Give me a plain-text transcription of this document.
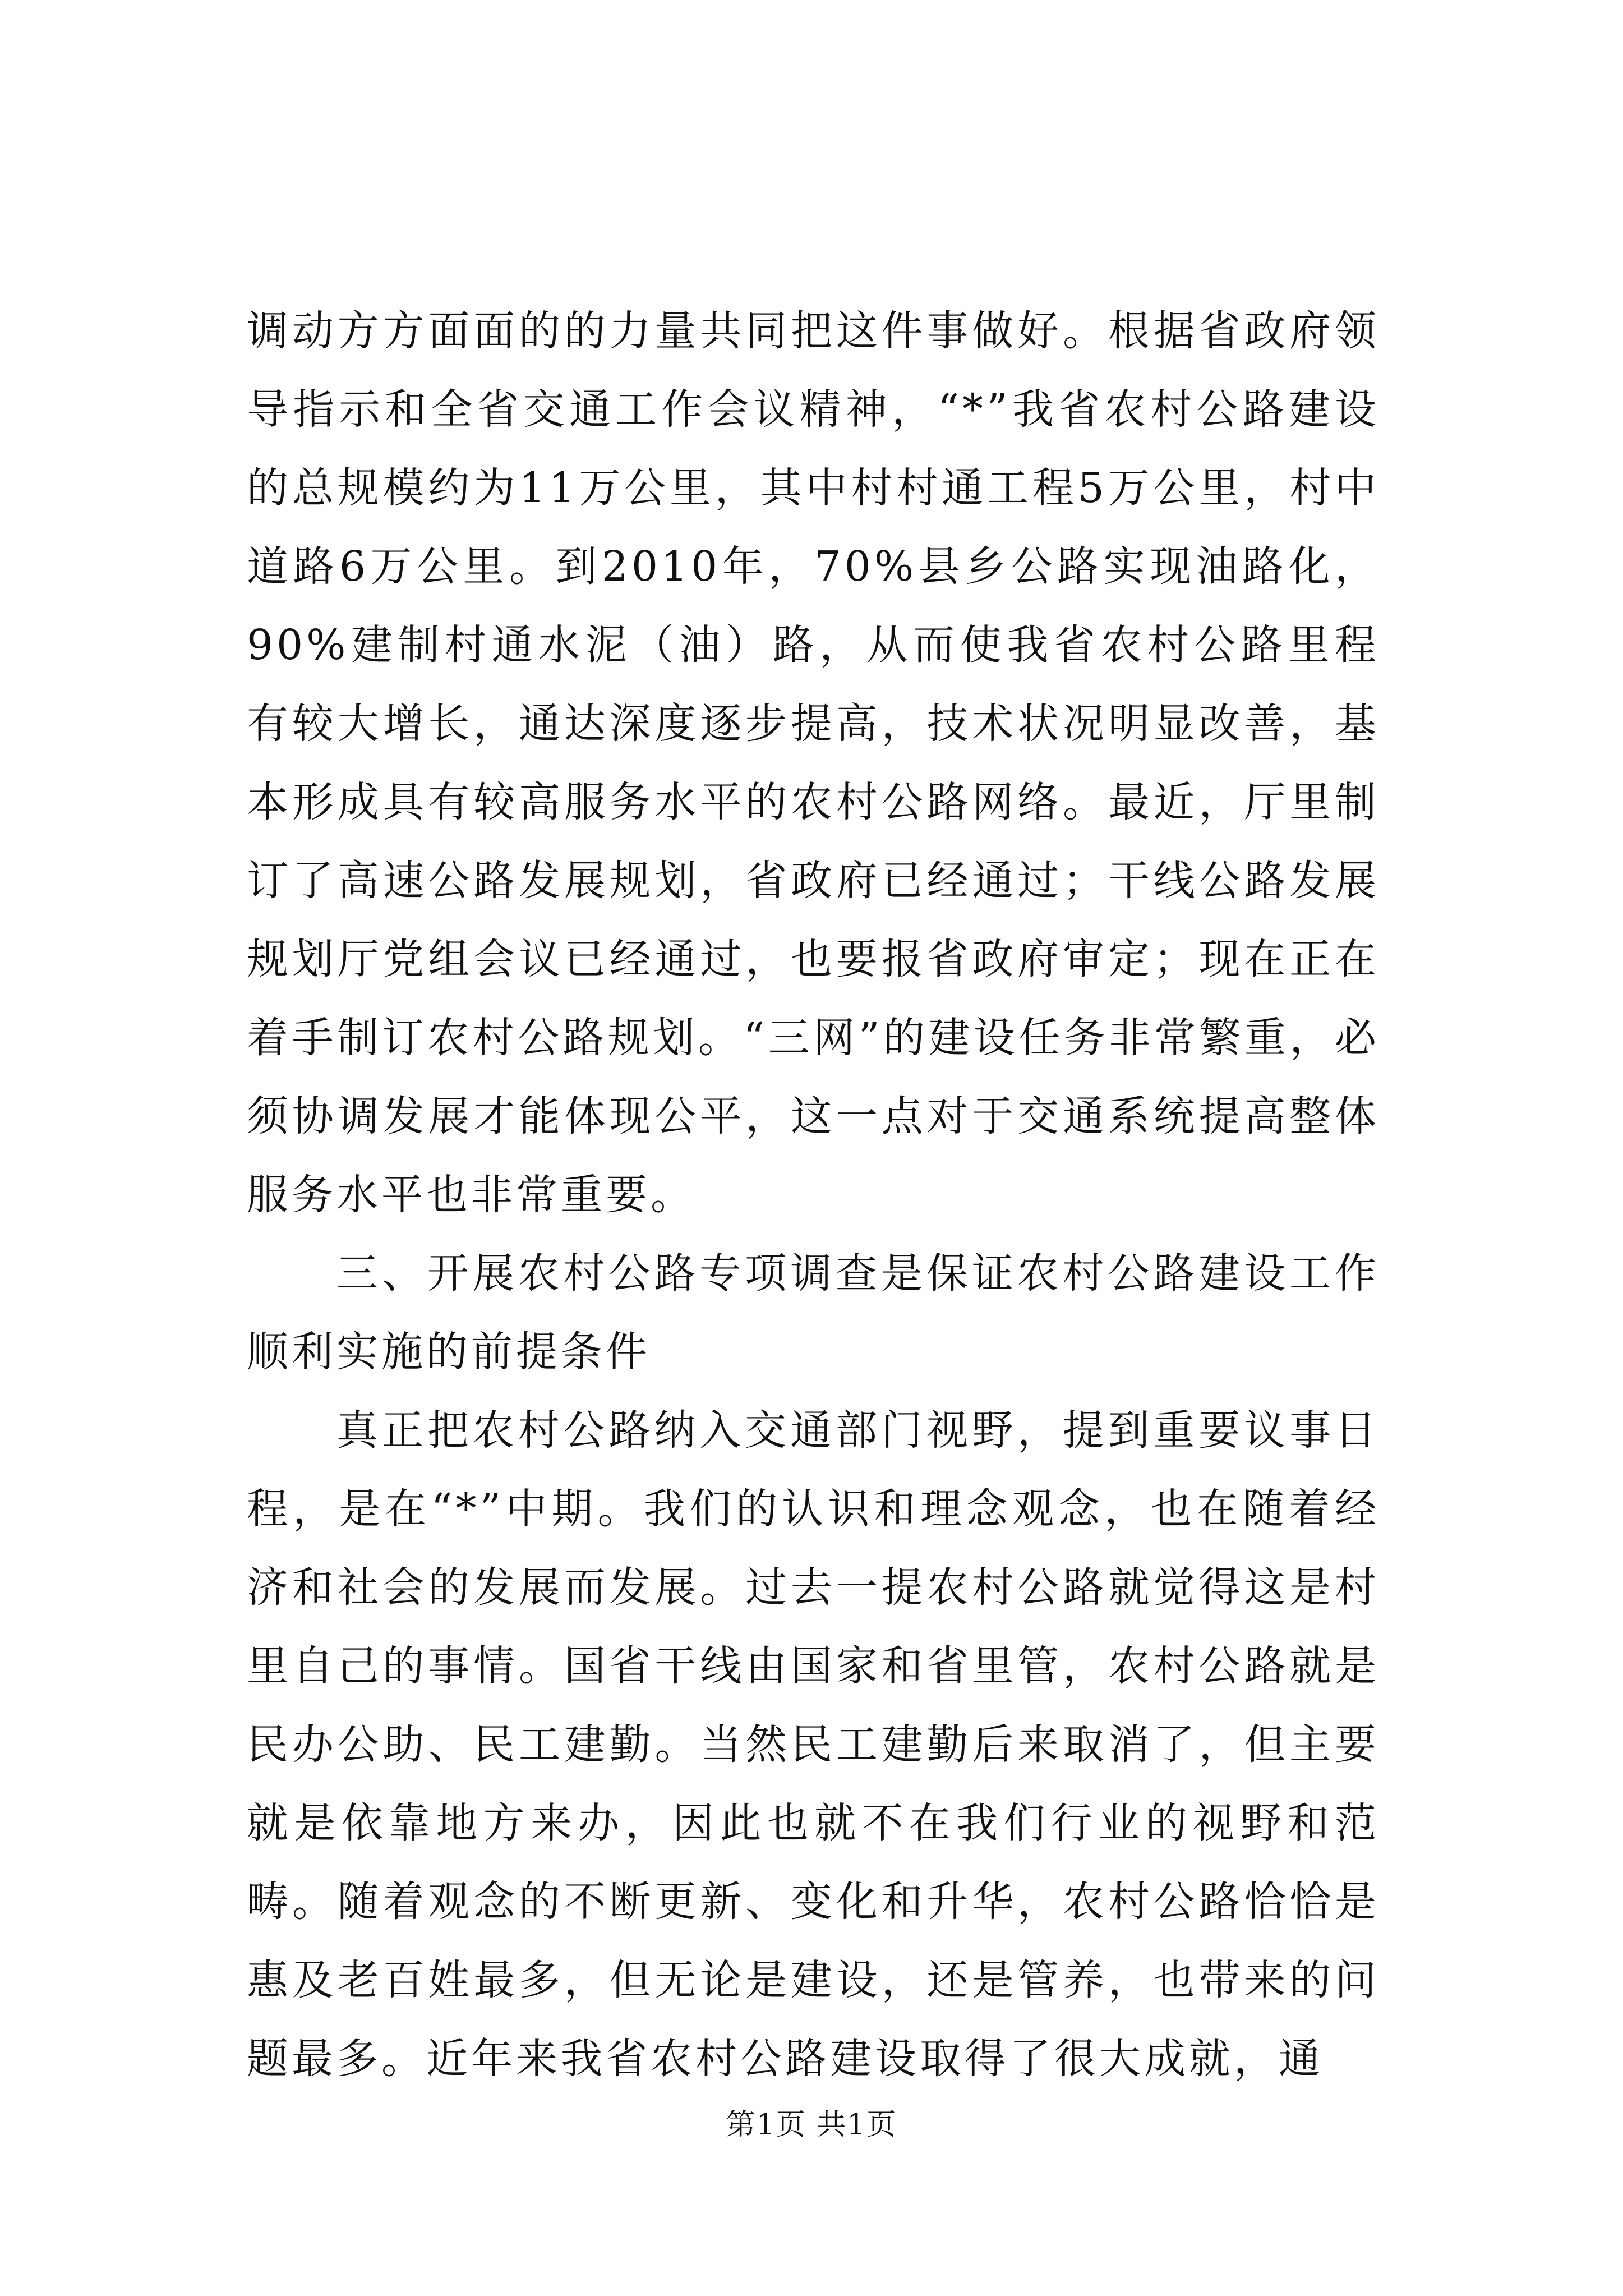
调动方方面面的的力量共同把这件事做好。根据省政府领导指示和全省交通工作会议精神，“*”我省农村公路建设的总规模约为11万公里，其中村村通工程5万公里，村中道路6万公里。到2010年，70%县乡公路实现油路化，90%建制村通水泥（油）路，从而使我省农村公路里程有较大增长，通达深度逐步提高，技术状况明显改善，基本形成具有较高服务水平的农村公路网络。最近，厅里制订了高速公路发展规划，省政府已经通过；干线公路发展规划厅党组会议已经通过，也要报省政府审定；现在正在着手制订农村公路规划。“三网”的建设任务非常繁重，必须协调发展才能体现公平，这一点对于交通系统提高整体服务水平也非常重要。

三、开展农村公路专项调查是保证农村公路建设工作顺利实施的前提条件

真正把农村公路纳入交通部门视野，提到重要议事日程，是在“*”中期。我们的认识和理念观念，也在随着经济和社会的发展而发展。过去一提农村公路就觉得这是村里自己的事情。国省干线由国家和省里管，农村公路就是民办公助、民工建勤。当然民工建勤后来取消了，但主要就是依靠地方来办，因此也就不在我们行业的视野和范畴。随着观念的不断更新、变化和升华，农村公路恰恰是惠及老百姓最多，但无论是建设，还是管养，也带来的问题最多。近年来我省农村公路建设取得了很大成就，通

第1页 共1页
